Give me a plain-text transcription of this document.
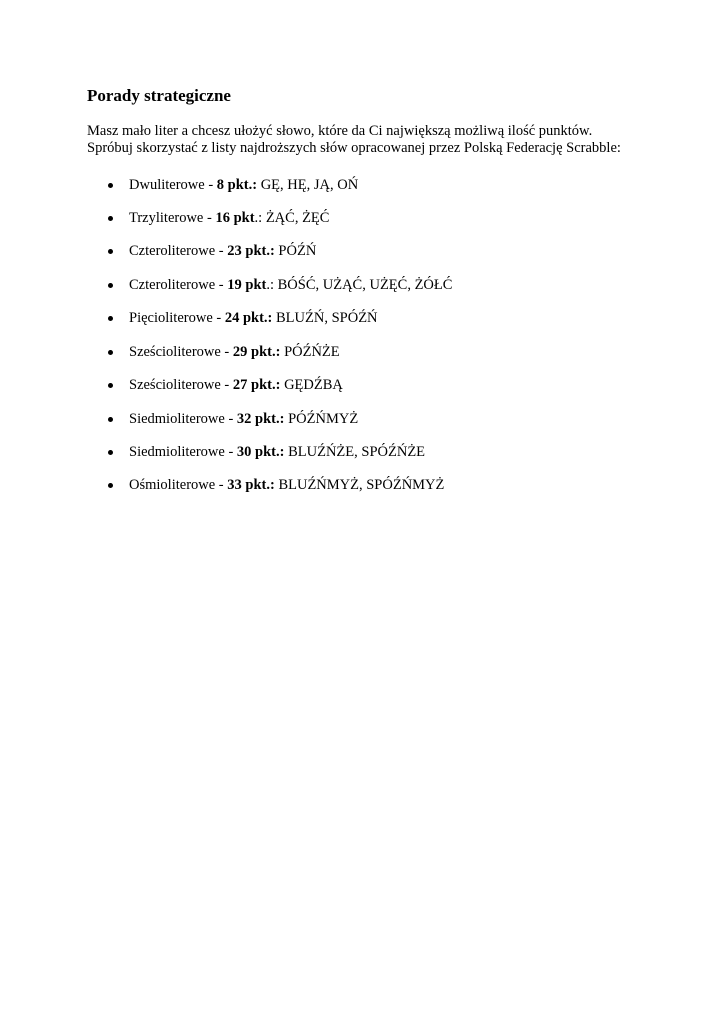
Porady strategiczne

Masz mało liter a chcesz ułożyć słowo, które da Ci największą możliwą ilość punktów.

Spróbuj skorzystać z listy najdroższych słów opracowanej przez Polską Federację Scrabble:

Dwuliterowe - 8 pkt.: GĘ, HĘ, JĄ, OŃ
Trzyliterowe - 16 pkt.: ŻĄĆ, ŻĘĆ
Czteroliterowe - 23 pkt.: PÓŹŃ
Czteroliterowe - 19 pkt.: BÓŚĆ, UŻĄĆ, UŻĘĆ, ŻÓŁĆ
Pięcioliterowe - 24 pkt.: BLUŹŃ, SPÓŹŃ
Sześcioliterowe - 29 pkt.: PÓŹŃŻE
Sześcioliterowe - 27 pkt.: GĘDŹBĄ
Siedmioliterowe - 32 pkt.: PÓŹŃMYŻ
Siedmioliterowe - 30 pkt.: BLUŹŃŻE, SPÓŹŃŻE
Ośmioliterowe - 33 pkt.: BLUŹŃMYŻ, SPÓŹŃMYŻ
